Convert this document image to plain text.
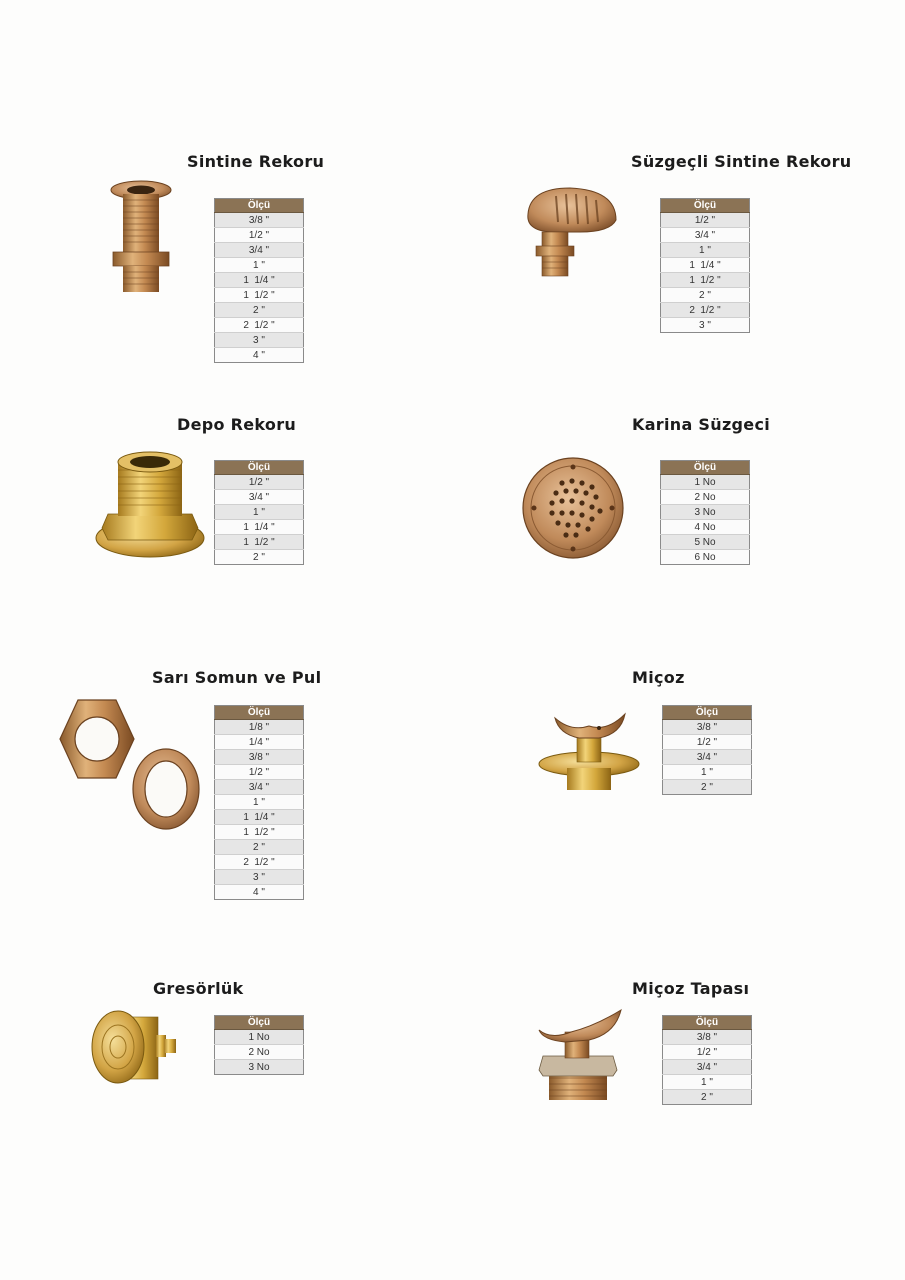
Sintine Rekoru
Ölçü
3/8 "
1/2 "
3/4 "
1 "
1  1/4 "
1  1/2 "
2 "
2  1/2 "
3 "
4 "
Süzgeçli Sintine Rekoru
Ölçü
1/2 "
3/4 "
1 "
1  1/4 "
1  1/2 "
2 "
2  1/2 "
3 "
Depo Rekoru
Ölçü
1/2 "
3/4 "
1 "
1  1/4 "
1  1/2 "
2 "
Karina Süzgeci
Ölçü
1 No
2 No
3 No
4 No
5 No
6 No
Sarı Somun ve Pul
Ölçü
1/8 "
1/4 "
3/8 "
1/2 "
3/4 "
1 "
1  1/4 "
1  1/2 "
2 "
2  1/2 "
3 "
4 "
Miçoz
Ölçü
3/8 "
1/2 "
3/4 "
1 "
2 "
Gresörlük
Ölçü
1 No
2 No
3 No
Miçoz Tapası
Ölçü
3/8 "
1/2 "
3/4 "
1 "
2 "
